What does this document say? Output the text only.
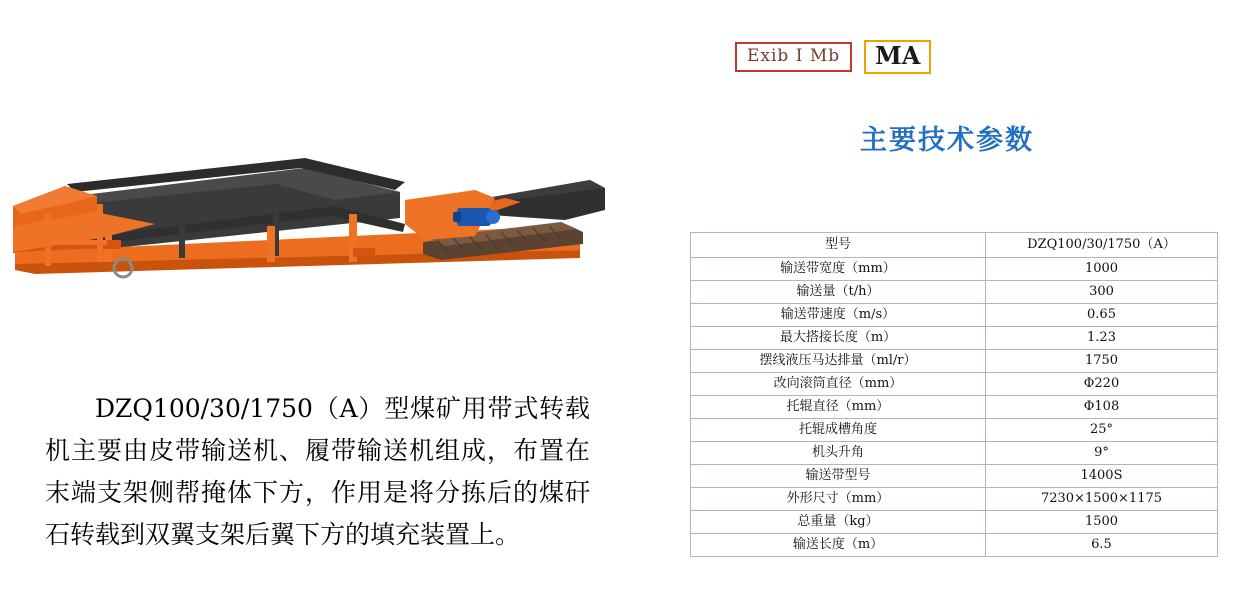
DZQ100/30/1750（A）型煤矿用带式转载机主要由皮带输送机、履带输送机组成，布置在末端支架侧帮掩体下方，作用是将分拣后的煤矸石转载到双翼支架后翼下方的填充装置上。
Exib I Mb	MA
主要技术参数
型号	DZQ100/30/1750（A）
输送带宽度（mm）	1000
输送量（t/h）	300
输送带速度（m/s）	0.65
最大搭接长度（m）	1.23
摆线液压马达排量（ml/r）	1750
改向滚筒直径（mm）	Φ220
托辊直径（mm）	Φ108
托辊成槽角度	25°
机头升角	9°
输送带型号	1400S
外形尺寸（mm）	7230×1500×1175
总重量（kg）	1500
输送长度（m）	6.5
